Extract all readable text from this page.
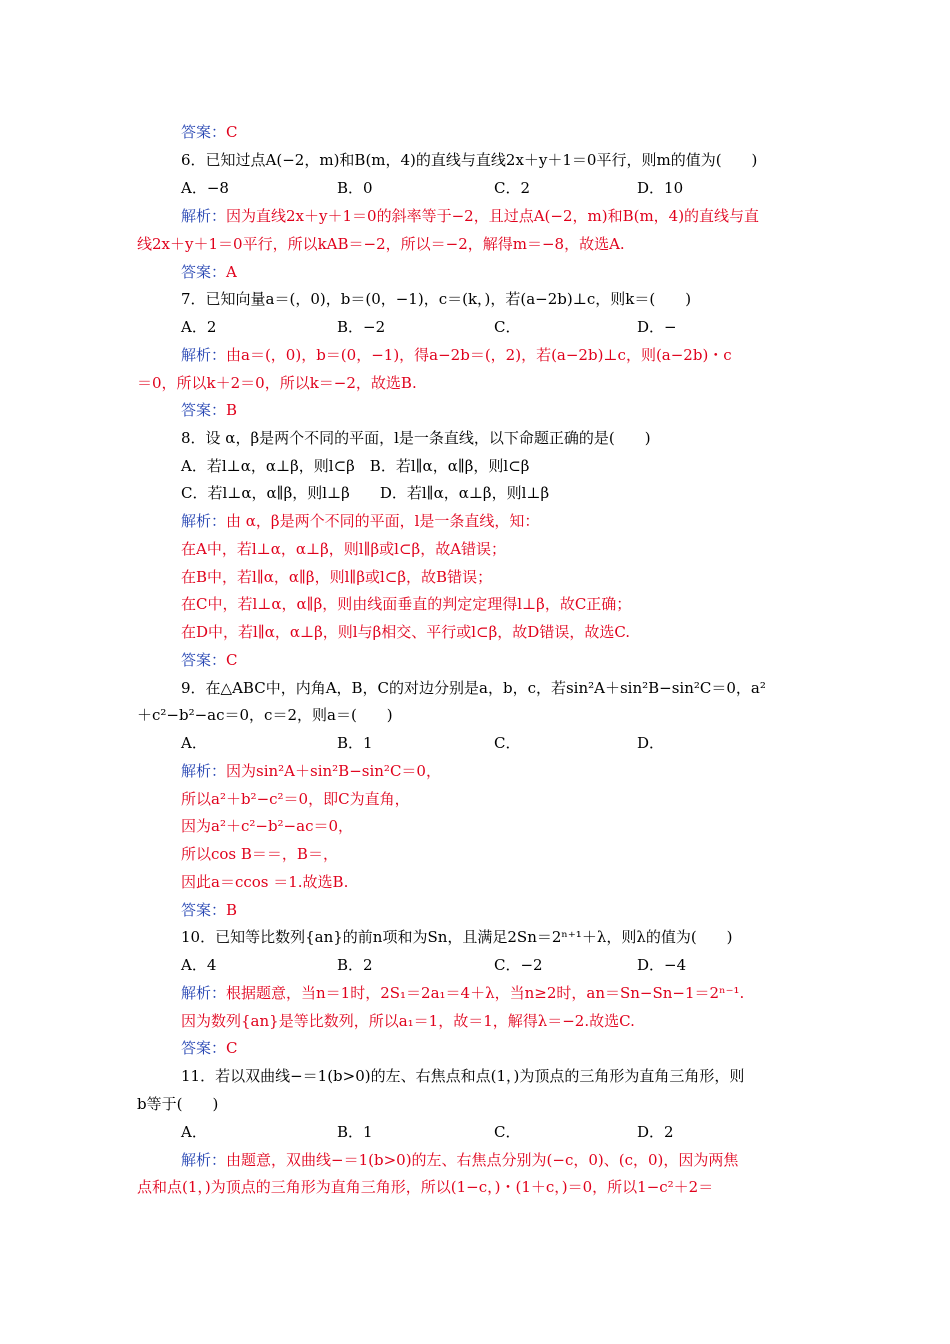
答案：C
6．已知过点A(−2，m)和B(m，4)的直线与直线2x＋y＋1＝0平行，则m的值为(　　)
A．−8	B．0	C．2	D．10
解析：因为直线2x＋y＋1＝0的斜率等于−2，且过点A(−2，m)和B(m，4)的直线与直
线2x＋y＋1＝0平行，所以kAB＝−2，所以＝−2，解得m＝−8，故选A.
答案：A
7．已知向量a＝(，0)，b＝(0，−1)，c＝(k，)，若(a−2b)⊥c，则k＝(　　)
A．2	B．−2	C．	D．−
解析：由a＝(，0)，b＝(0，−1)，得a−2b＝(，2)，若(a−2b)⊥c，则(a−2b)・c
＝0，所以k＋2＝0，所以k＝−2，故选B.
答案：B
8．设 α，β是两个不同的平面，l是一条直线，以下命题正确的是(　　)
A．若l⊥α，α⊥β，则l⊂β　B．若l∥α，α∥β，则l⊂β
C．若l⊥α，α∥β，则l⊥β　　D．若l∥α，α⊥β，则l⊥β
解析：由 α，β是两个不同的平面，l是一条直线，知：
在A中，若l⊥α，α⊥β，则l∥β或l⊂β，故A错误；
在B中，若l∥α，α∥β，则l∥β或l⊂β，故B错误；
在C中，若l⊥α，α∥β，则由线面垂直的判定定理得l⊥β，故C正确；
在D中，若l∥α，α⊥β，则l与β相交、平行或l⊂β，故D错误，故选C.
答案：C
9．在△ABC中，内角A，B，C的对边分别是a，b，c，若sin²A＋sin²B−sin²C＝0，a²
＋c²−b²−ac＝0，c＝2，则a＝(　　)
A．	B．1	C．	D．
解析：因为sin²A＋sin²B−sin²C＝0，
所以a²＋b²−c²＝0，即C为直角，
因为a²＋c²−b²−ac＝0，
所以cos B＝＝，B＝，
因此a＝ccos ＝1.故选B.
答案：B
10．已知等比数列{an}的前n项和为Sn，且满足2Sn＝2ⁿ⁺¹＋λ，则λ的值为(　　)
A．4	B．2	C．−2	D．−4
解析：根据题意，当n＝1时，2S₁＝2a₁＝4＋λ，当n≥2时，an＝Sn−Sn−1＝2ⁿ⁻¹.
因为数列{an}是等比数列，所以a₁＝1，故＝1，解得λ＝−2.故选C.
答案：C
11．若以双曲线−＝1(b>0)的左、右焦点和点(1，)为顶点的三角形为直角三角形，则
b等于(　　)
A．	B．1	C．	D．2
解析：由题意，双曲线−＝1(b>0)的左、右焦点分别为(−c，0)、(c，0)，因为两焦
点和点(1，)为顶点的三角形为直角三角形，所以(1−c，)・(1＋c，)＝0，所以1−c²＋2＝
